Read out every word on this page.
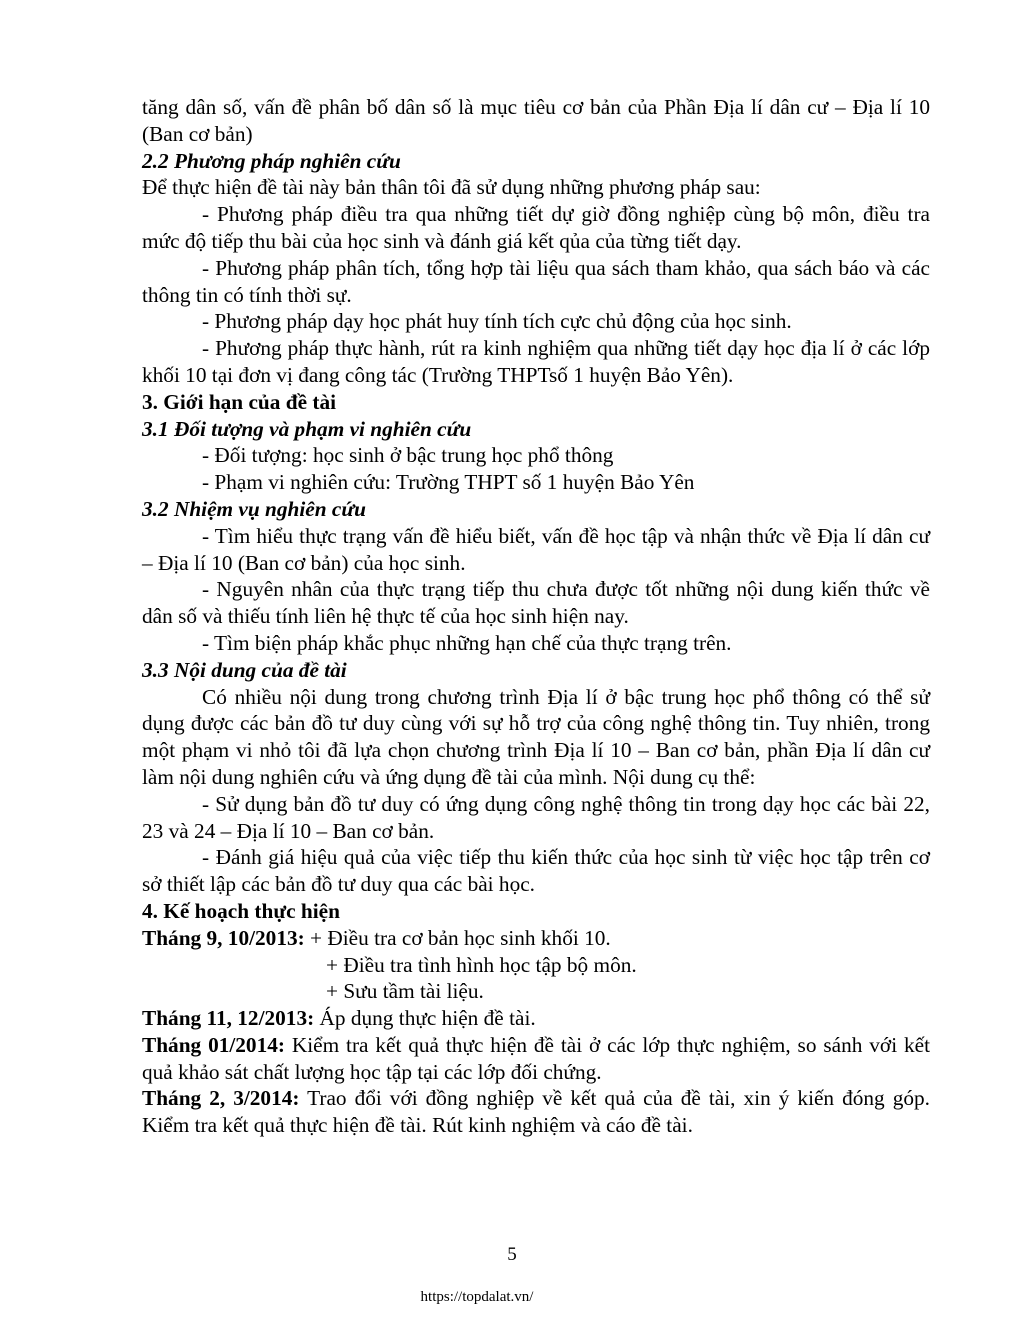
tăng dân số, vấn đề phân bố dân số là mục tiêu cơ bản của Phần Địa lí dân cư – Địa lí 10 (Ban cơ bản)

2.2 Phương pháp nghiên cứu

Để thực hiện đề tài này bản thân tôi đã sử dụng những phương pháp sau:

- Phương pháp điều tra qua những tiết dự giờ đồng nghiệp cùng bộ môn, điều tra mức độ tiếp thu bài của học sinh và đánh giá kết qủa của từng tiết dạy.

- Phương pháp phân tích, tổng hợp tài liệu qua sách tham khảo, qua sách báo và các thông tin có tính thời sự.

- Phương pháp dạy học phát huy tính tích cực chủ động của học sinh.

- Phương pháp thực hành, rút ra kinh nghiệm qua những tiết dạy học địa lí ở các lớp khối 10 tại đơn vị đang công tác (Trường THPTsố 1 huyện Bảo Yên).

3. Giới hạn của đề tài

3.1 Đối tượng và phạm vi nghiên cứu

- Đối tượng: học sinh ở bậc trung học phổ thông

- Phạm vi nghiên cứu: Trường THPT số 1 huyện Bảo Yên

3.2 Nhiệm vụ nghiên cứu

- Tìm hiểu thực trạng vấn đề hiểu biết, vấn đề học tập và nhận thức về Địa lí dân cư – Địa lí 10 (Ban cơ bản) của học sinh.

- Nguyên nhân của thực trạng tiếp thu chưa được tốt những nội dung kiến thức về dân số và thiếu tính liên hệ thực tế của học sinh hiện nay.

- Tìm biện pháp khắc phục những hạn chế của thực trạng trên.

3.3 Nội dung của đề tài

Có nhiều nội dung trong chương trình Địa lí ở bậc trung học phổ thông có thể sử dụng được các bản đồ tư duy cùng với sự hỗ trợ của công nghệ thông tin. Tuy nhiên, trong một phạm vi nhỏ tôi đã lựa chọn chương trình Địa lí 10 – Ban cơ bản, phần Địa lí dân cư làm nội dung nghiên cứu và ứng dụng đề tài của mình. Nội dung cụ thể:

- Sử dụng bản đồ tư duy có ứng dụng công nghệ thông tin trong dạy học các bài 22, 23 và 24 – Địa lí 10 – Ban cơ bản.

- Đánh giá hiệu quả của việc tiếp thu kiến thức của học sinh từ việc học tập trên cơ sở thiết lập các bản đồ tư duy qua các bài học.

4. Kế hoạch thực hiện

Tháng 9, 10/2013: + Điều tra cơ bản học sinh khối 10.

+ Điều tra tình hình học tập bộ môn.

+ Sưu tầm tài liệu.

Tháng 11, 12/2013: Áp dụng thực hiện đề tài.

Tháng 01/2014: Kiểm tra kết quả thực hiện đề tài ở các lớp thực nghiệm, so sánh với kết quả khảo sát chất lượng học tập tại các lớp đối chứng.

Tháng 2, 3/2014: Trao đổi với đồng nghiệp về kết quả của đề tài, xin ý kiến đóng góp. Kiểm tra kết quả thực hiện đề tài. Rút kinh nghiệm và cáo đề tài.

5
https://topdalat.vn/
